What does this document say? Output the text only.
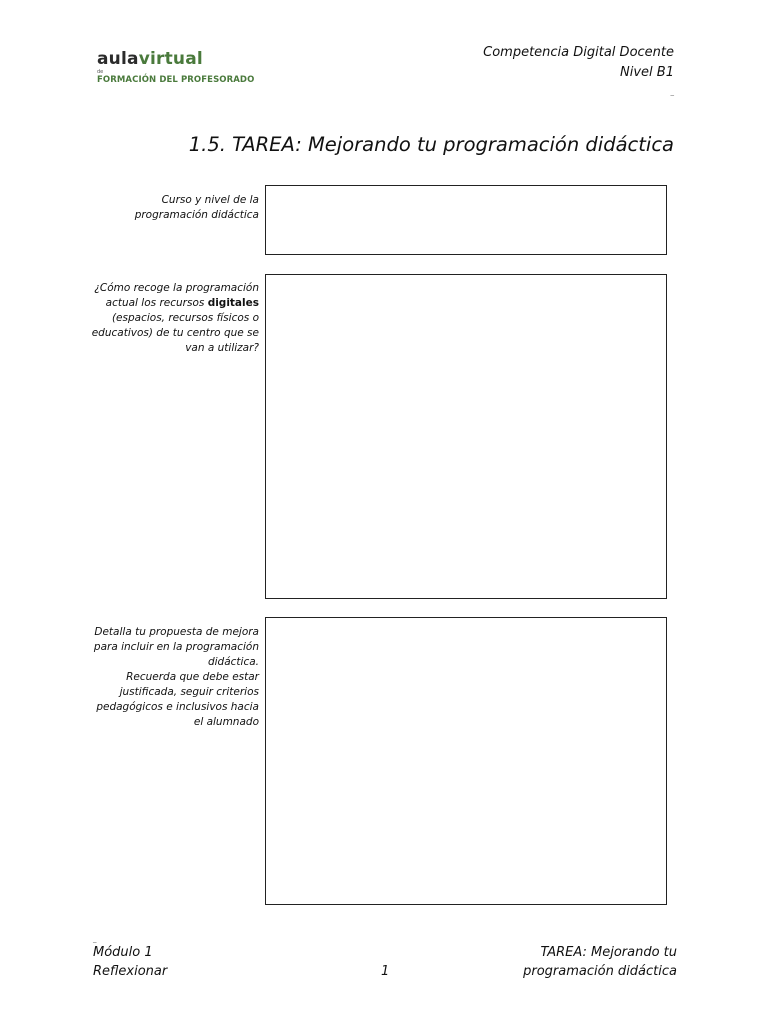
aulavirtual
de
FORMACIÓN DEL PROFESORADO
Competencia Digital Docente
Nivel B1
_
1.5. TAREA: Mejorando tu programación didáctica
Curso y nivel de la programación didáctica
¿Cómo recoge la programación actual los recursos digitales (espacios, recursos físicos o educativos) de tu centro que se van a utilizar?
Detalla tu propuesta de mejora para incluir en la programación didáctica.
Recuerda que debe estar justificada, seguir criterios pedagógicos e inclusivos hacia el alumnado
_
Módulo 1
Reflexionar	1
TAREA: Mejorando tu
programación didáctica
